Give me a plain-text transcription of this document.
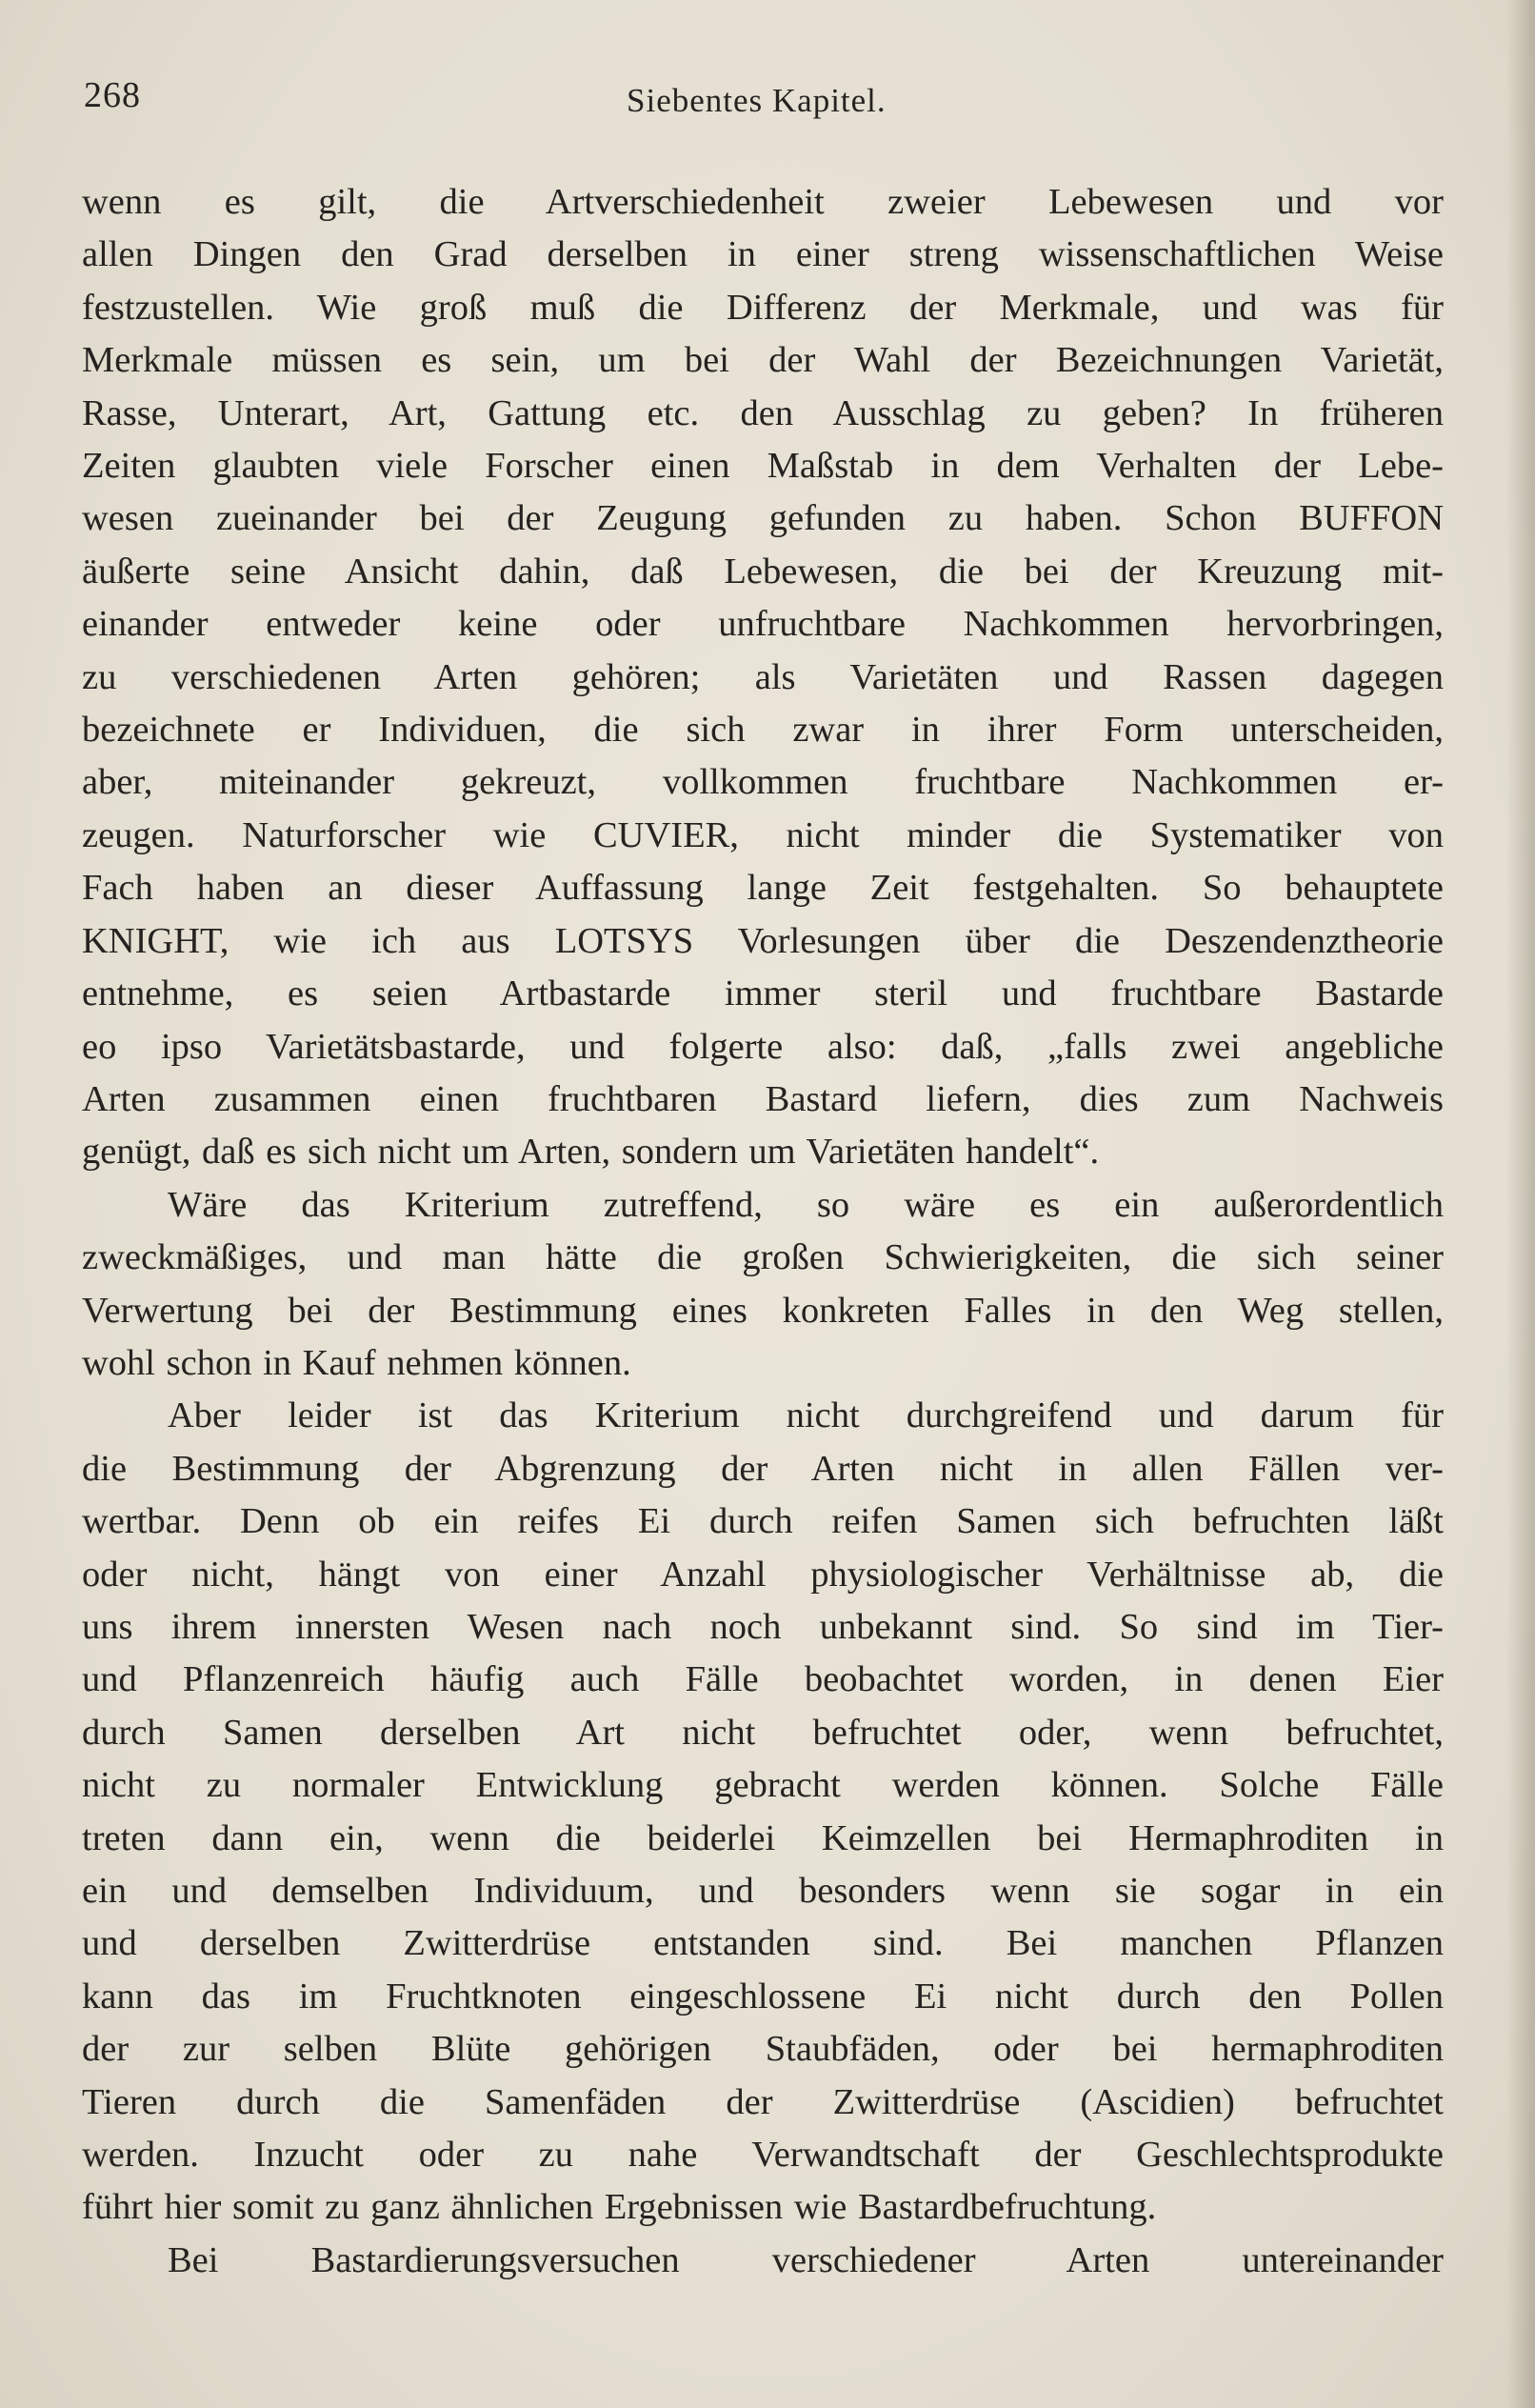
268	Siebentes Kapitel.
wenn es gilt, die Artverschiedenheit zweier Lebewesen und vor
allen Dingen den Grad derselben in einer streng wissenschaftlichen Weise
festzustellen. Wie groß muß die Differenz der Merkmale, und was für
Merkmale müssen es sein, um bei der Wahl der Bezeichnungen Varietät,
Rasse, Unterart, Art, Gattung etc. den Ausschlag zu geben? In früheren
Zeiten glaubten viele Forscher einen Maßstab in dem Verhalten der Lebe-
wesen zueinander bei der Zeugung gefunden zu haben. Schon BUFFON
äußerte seine Ansicht dahin, daß Lebewesen, die bei der Kreuzung mit-
einander entweder keine oder unfruchtbare Nachkommen hervorbringen,
zu verschiedenen Arten gehören; als Varietäten und Rassen dagegen
bezeichnete er Individuen, die sich zwar in ihrer Form unterscheiden,
aber, miteinander gekreuzt, vollkommen fruchtbare Nachkommen er-
zeugen. Naturforscher wie CUVIER, nicht minder die Systematiker von
Fach haben an dieser Auffassung lange Zeit festgehalten. So behauptete
KNIGHT, wie ich aus LOTSYS Vorlesungen über die Deszendenztheorie
entnehme, es seien Artbastarde immer steril und fruchtbare Bastarde
eo ipso Varietätsbastarde, und folgerte also: daß, „falls zwei angebliche
Arten zusammen einen fruchtbaren Bastard liefern, dies zum Nachweis
genügt, daß es sich nicht um Arten, sondern um Varietäten handelt“.
Wäre das Kriterium zutreffend, so wäre es ein außerordentlich
zweckmäßiges, und man hätte die großen Schwierigkeiten, die sich seiner
Verwertung bei der Bestimmung eines konkreten Falles in den Weg stellen,
wohl schon in Kauf nehmen können.
Aber leider ist das Kriterium nicht durchgreifend und darum für
die Bestimmung der Abgrenzung der Arten nicht in allen Fällen ver-
wertbar. Denn ob ein reifes Ei durch reifen Samen sich befruchten läßt
oder nicht, hängt von einer Anzahl physiologischer Verhältnisse ab, die
uns ihrem innersten Wesen nach noch unbekannt sind. So sind im Tier-
und Pflanzenreich häufig auch Fälle beobachtet worden, in denen Eier
durch Samen derselben Art nicht befruchtet oder, wenn befruchtet,
nicht zu normaler Entwicklung gebracht werden können. Solche Fälle
treten dann ein, wenn die beiderlei Keimzellen bei Hermaphroditen in
ein und demselben Individuum, und besonders wenn sie sogar in ein
und derselben Zwitterdrüse entstanden sind. Bei manchen Pflanzen
kann das im Fruchtknoten eingeschlossene Ei nicht durch den Pollen
der zur selben Blüte gehörigen Staubfäden, oder bei hermaphroditen
Tieren durch die Samenfäden der Zwitterdrüse (Ascidien) befruchtet
werden. Inzucht oder zu nahe Verwandtschaft der Geschlechtsprodukte
führt hier somit zu ganz ähnlichen Ergebnissen wie Bastardbefruchtung.
Bei Bastardierungsversuchen verschiedener Arten untereinander
